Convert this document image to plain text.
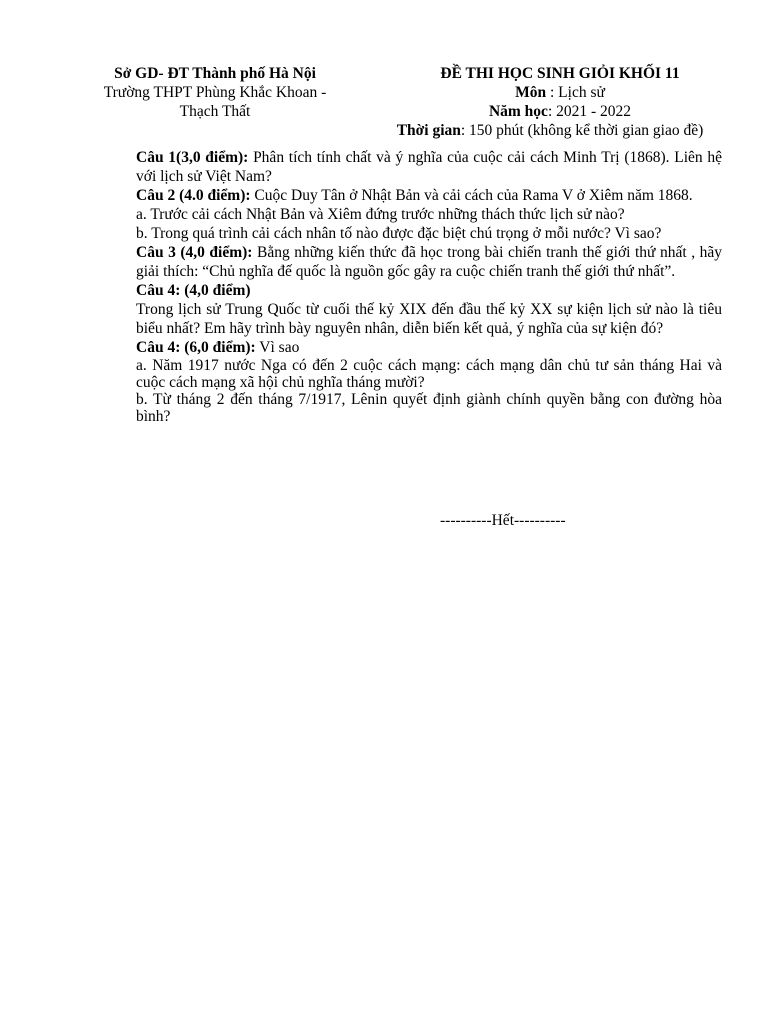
Sở GD- ĐT Thành phố Hà Nội
Trường THPT Phùng Khắc Khoan -
Thạch Thất
ĐỀ THI HỌC SINH GIỎI KHỐI 11
Môn : Lịch sử
Năm học: 2021 - 2022
Thời gian: 150 phút (không kể thời gian giao đề)

Câu 1(3,0 điểm): Phân tích tính chất và ý nghĩa của cuộc cải cách Minh Trị (1868). Liên hệ với lịch sử Việt Nam?

Câu 2 (4.0 điểm): Cuộc Duy Tân ở Nhật Bản và cải cách của Rama V ở Xiêm năm 1868.

a. Trước cải cách Nhật Bản và Xiêm đứng trước những thách thức lịch sử nào?

b. Trong quá trình cải cách nhân tố nào được đặc biệt chú trọng ở mỗi nước? Vì sao?

Câu 3 (4,0 điểm): Bằng những kiến thức đã học trong bài chiến tranh thế giới thứ nhất , hãy giải thích: “Chủ nghĩa đế quốc là nguồn gốc gây ra cuộc chiến tranh thế giới thứ nhất”.

Câu 4: (4,0 điểm)

Trong lịch sử Trung Quốc từ cuối thế kỷ XIX đến đầu thế kỷ XX sự kiện lịch sử nào là tiêu biểu nhất? Em hãy trình bày nguyên nhân, diễn biến kết quả, ý nghĩa của sự kiện đó?

Câu 4: (6,0 điểm): Vì sao

a. Năm 1917 nước Nga có đến 2 cuộc cách mạng: cách mạng dân chủ tư sản tháng Hai và cuộc cách mạng xã hội chủ nghĩa tháng mười?

b. Từ tháng 2 đến tháng 7/1917, Lênin quyết định giành chính quyền bằng con đường hòa bình?

----------Hết----------
